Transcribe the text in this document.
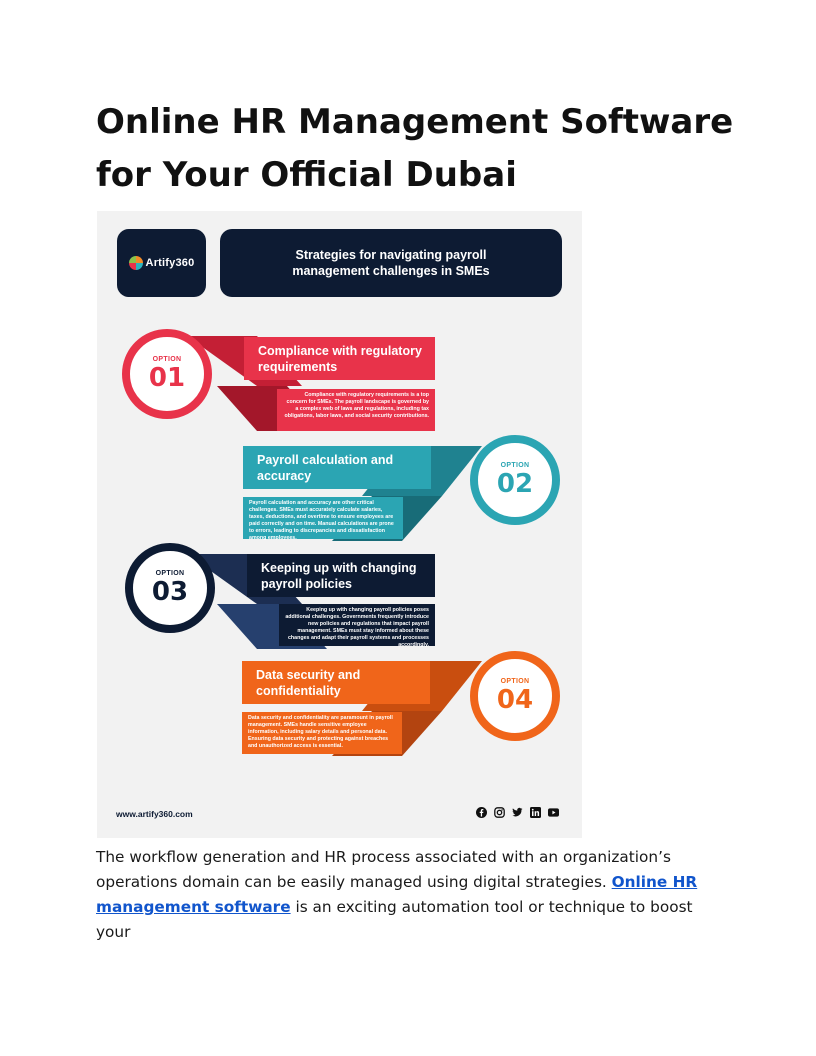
Online HR Management Software for Your Official Dubai
Artify360
Strategies for navigating payroll management challenges in SMEs
Compliance with regulatory requirements
Compliance with regulatory requirements is a top concern for SMEs. The payroll landscape is governed by a complex web of laws and regulations, including tax obligations, labor laws, and social security contributions.
OPTION
01
Payroll calculation and accuracy
Payroll calculation and accuracy are other critical challenges. SMEs must accurately calculate salaries, taxes, deductions, and overtime to ensure employees are paid correctly and on time. Manual calculations are prone to errors, leading to discrepancies and dissatisfaction among employees.
OPTION
02
Keeping up with changing payroll policies
Keeping up with changing payroll policies poses additional challenges. Governments frequently introduce new policies and regulations that impact payroll management. SMEs must stay informed about these changes and adapt their payroll systems and processes accordingly.
OPTION
03
Data security and confidentiality
Data security and confidentiality are paramount in payroll management. SMEs handle sensitive employee information, including salary details and personal data. Ensuring data security and protecting against breaches and unauthorized access is essential.
OPTION
04
www.artify360.com

The workflow generation and HR process associated with an organization’s operations domain can be easily managed using digital strategies. Online HR management software is an exciting automation tool or technique to boost your
